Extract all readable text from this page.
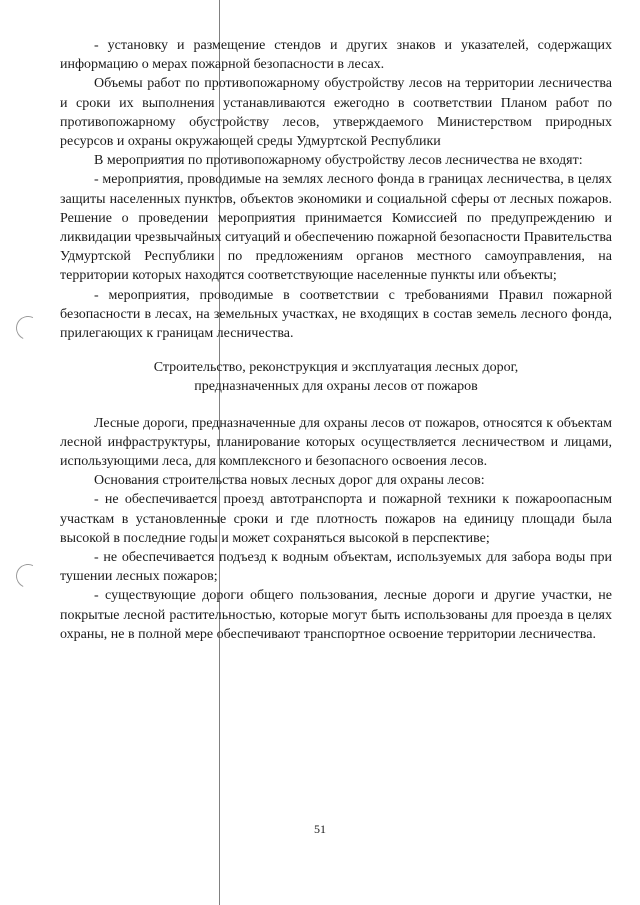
- установку и размещение стендов и других знаков и указателей, содержащих информацию о мерах пожарной безопасности в лесах.

Объемы работ по противопожарному обустройству лесов на территории лесничества и сроки их выполнения устанавливаются ежегодно в соответствии Планом работ по противопожарному обустройству лесов, утверждаемого Министерством природных ресурсов и охраны окружающей среды Удмуртской Республики

В мероприятия по противопожарному обустройству лесов лесничества не входят:

- мероприятия, проводимые на землях лесного фонда в границах лесничества, в целях защиты населенных пунктов, объектов экономики и социальной сферы от лесных пожаров. Решение о проведении мероприятия принимается Комиссией по предупреждению и ликвидации чрезвычайных ситуаций и обеспечению пожарной безопасности Правительства Удмуртской Республики по предложениям органов местного самоуправления, на территории которых находятся соответствующие населенные пункты или объекты;

- мероприятия, проводимые в соответствии с требованиями Правил пожарной безопасности в лесах, на земельных участках, не входящих в состав земель лесного фонда, прилегающих к границам лесничества.

Строительство, реконструкция и эксплуатация лесных дорог,
предназначенных для охраны лесов от пожаров

Лесные дороги, предназначенные для охраны лесов от пожаров, относятся к объектам лесной инфраструктуры, планирование которых осуществляется лесничеством и лицами, использующими леса, для комплексного и безопасного освоения лесов.

Основания строительства новых лесных дорог для охраны лесов:

- не обеспечивается проезд автотранспорта и пожарной техники к пожароопасным участкам в установленные сроки и где плотность пожаров на единицу площади была высокой в последние годы и может сохраняться высокой в перспективе;

- не обеспечивается подъезд к водным объектам, используемых для забора воды при тушении лесных пожаров;

- существующие дороги общего пользования, лесные дороги и другие участки, не покрытые лесной растительностью, которые могут быть использованы для проезда в целях охраны, не в полной мере обеспечивают транспортное освоение территории лесничества.

51
